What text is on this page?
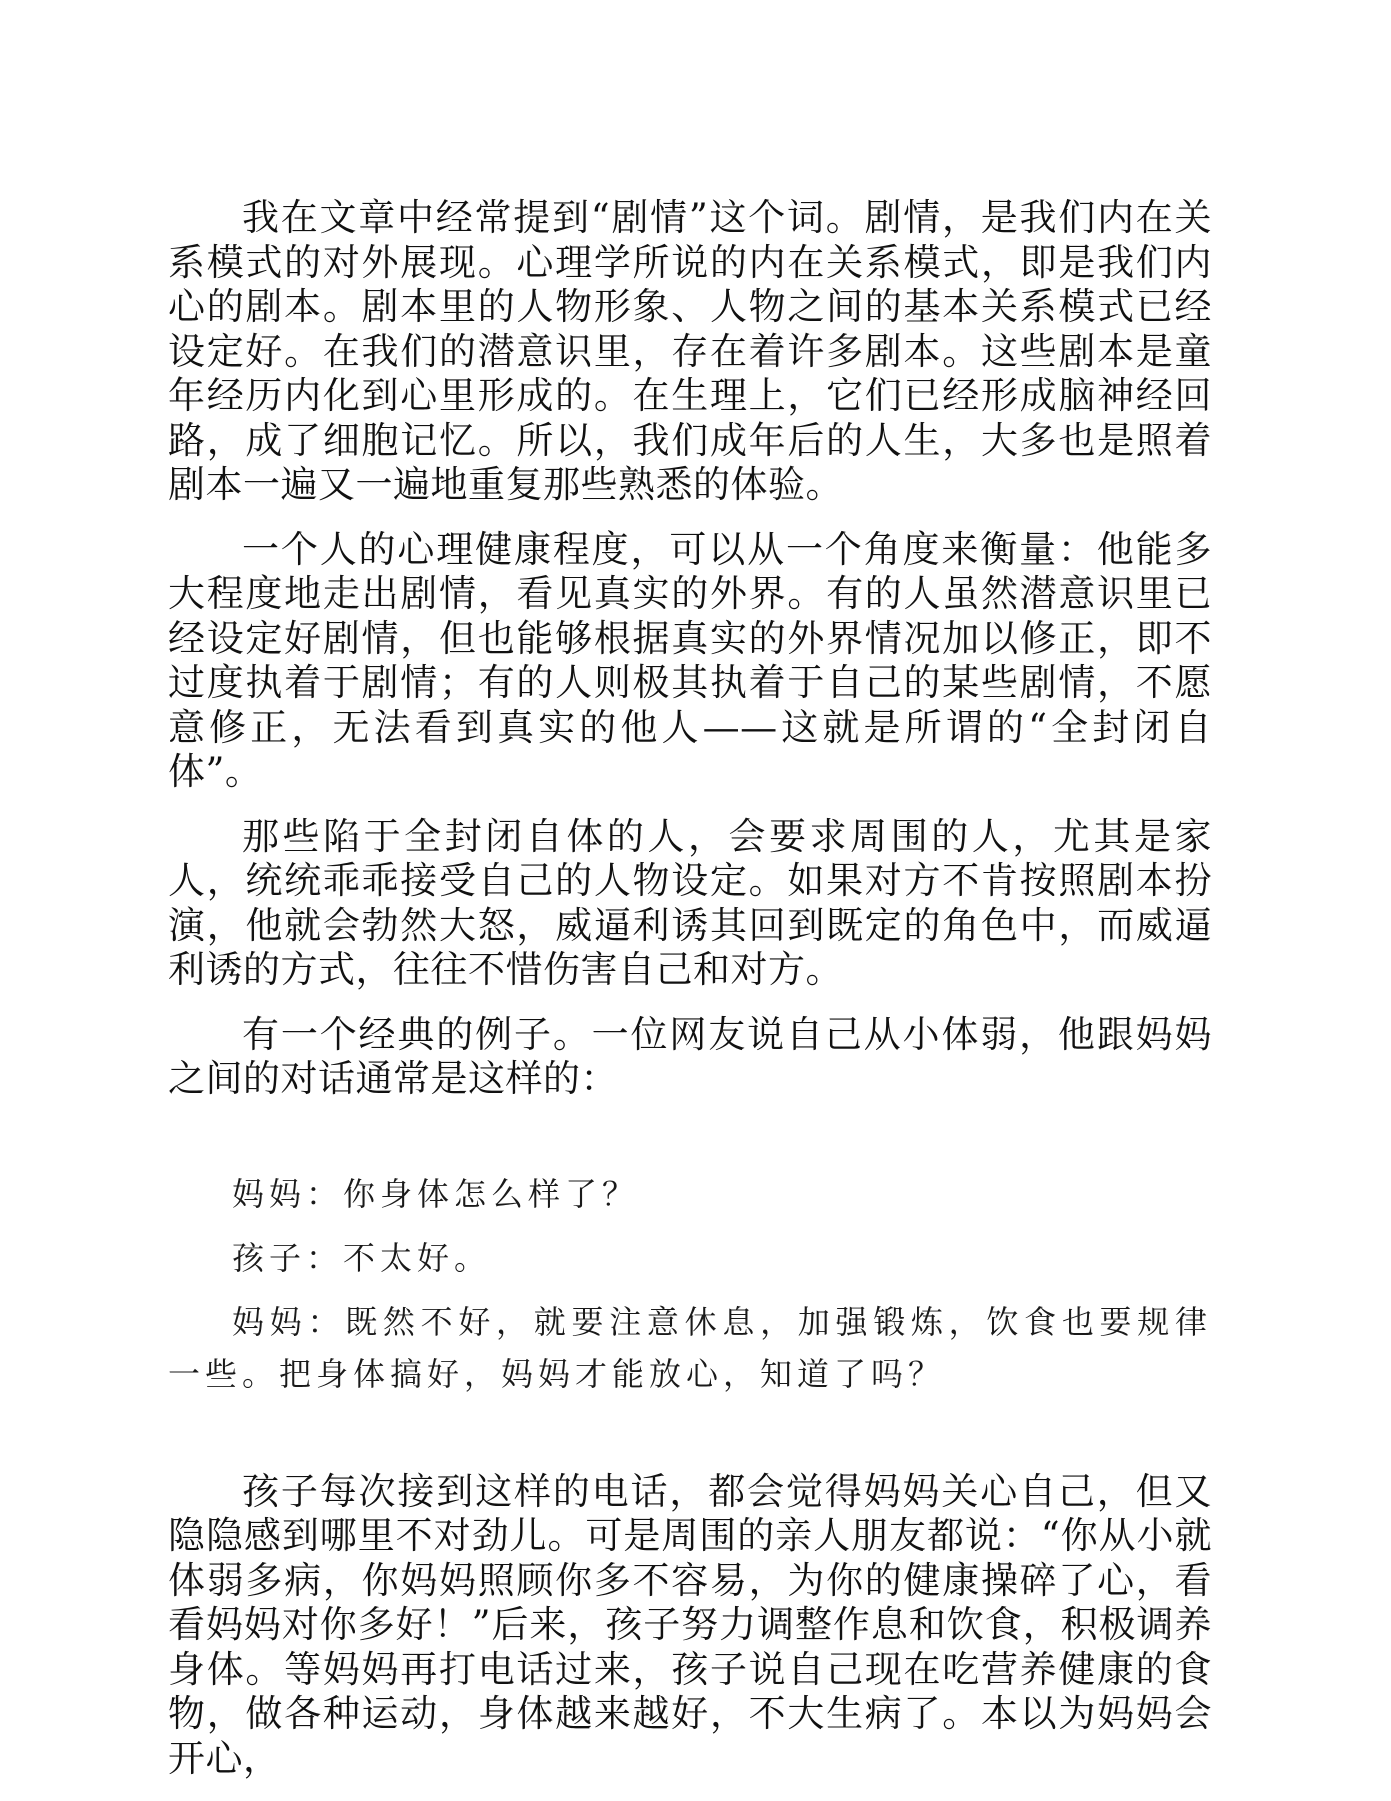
我在文章中经常提到“剧情”这个词。剧情，是我们内在关系模式的对外展现。心理学所说的内在关系模式，即是我们内心的剧本。剧本里的人物形象、人物之间的基本关系模式已经设定好。在我们的潜意识里，存在着许多剧本。这些剧本是童年经历内化到心里形成的。在生理上，它们已经形成脑神经回路，成了细胞记忆。所以，我们成年后的人生，大多也是照着剧本一遍又一遍地重复那些熟悉的体验。

一个人的心理健康程度，可以从一个角度来衡量：他能多大程度地走出剧情，看见真实的外界。有的人虽然潜意识里已经设定好剧情，但也能够根据真实的外界情况加以修正，即不过度执着于剧情；有的人则极其执着于自己的某些剧情，不愿意修正，无法看到真实的他人——这就是所谓的“全封闭自体”。

那些陷于全封闭自体的人，会要求周围的人，尤其是家人，统统乖乖接受自己的人物设定。如果对方不肯按照剧本扮演，他就会勃然大怒，威逼利诱其回到既定的角色中，而威逼利诱的方式，往往不惜伤害自己和对方。

有一个经典的例子。一位网友说自己从小体弱，他跟妈妈之间的对话通常是这样的：

妈妈：你身体怎么样了？

孩子：不太好。

妈妈：既然不好，就要注意休息，加强锻炼，饮食也要规律一些。把身体搞好，妈妈才能放心，知道了吗？

孩子每次接到这样的电话，都会觉得妈妈关心自己，但又隐隐感到哪里不对劲儿。可是周围的亲人朋友都说：“你从小就体弱多病，你妈妈照顾你多不容易，为你的健康操碎了心，看看妈妈对你多好！”后来，孩子努力调整作息和饮食，积极调养身体。等妈妈再打电话过来，孩子说自己现在吃营养健康的食物，做各种运动，身体越来越好，不大生病了。本以为妈妈会开心，
